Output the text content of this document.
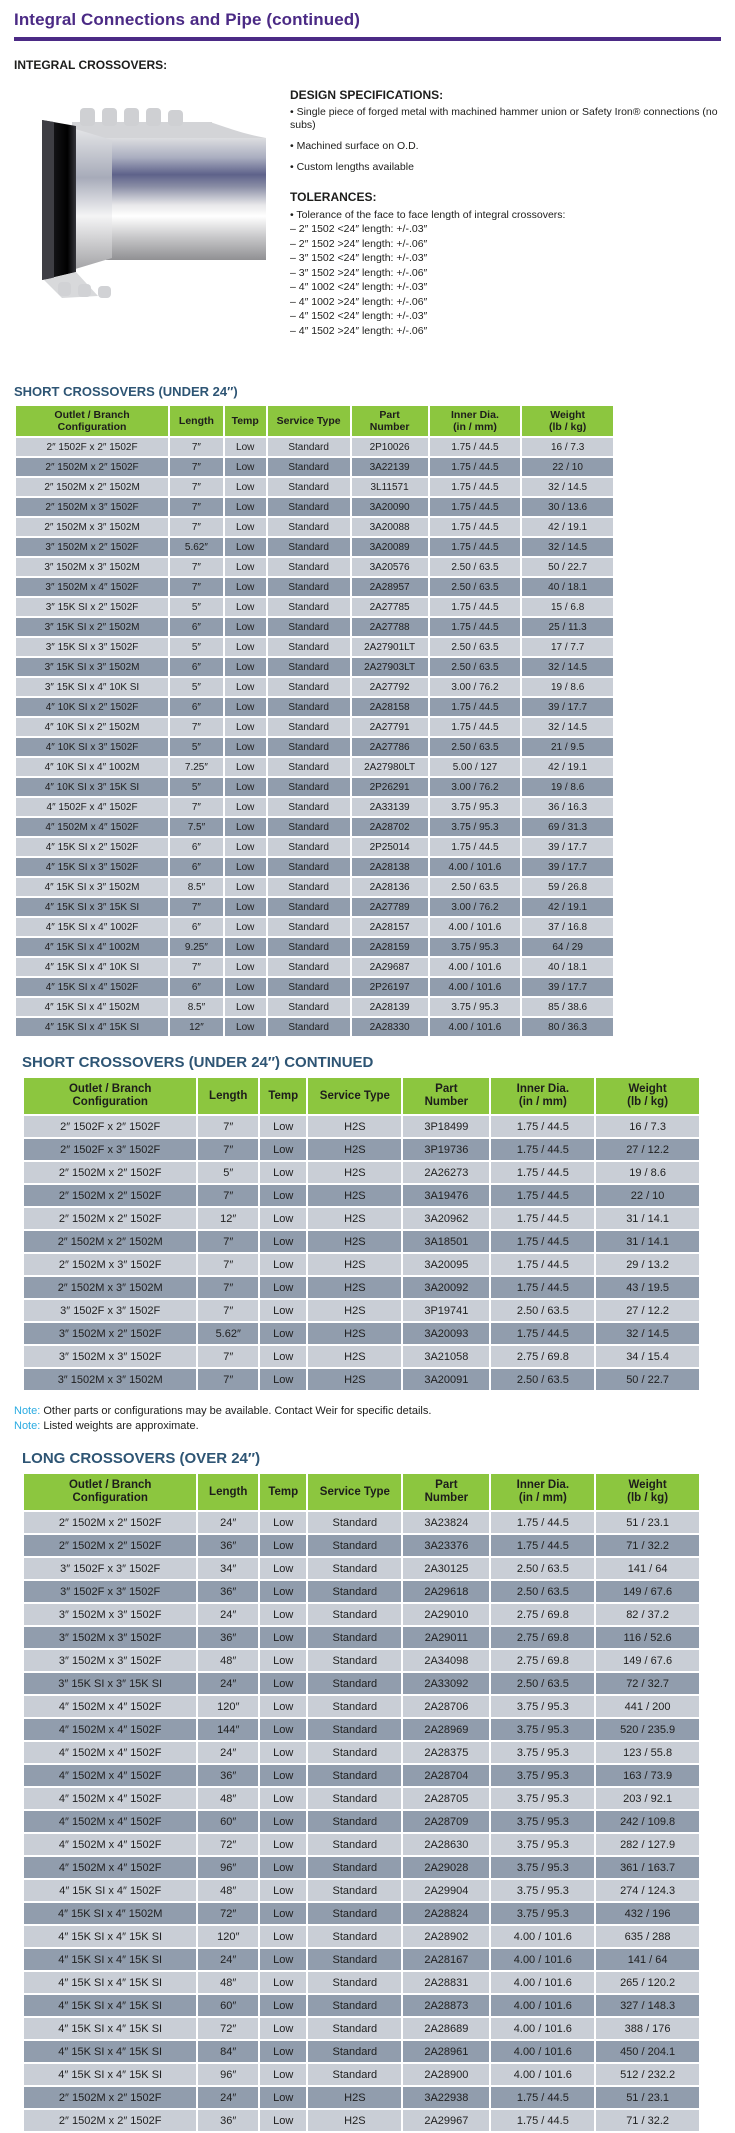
Integral Connections and Pipe (continued)
INTEGRAL CROSSOVERS:
DESIGN SPECIFICATIONS:
• Single piece of forged metal with machined hammer union or Safety Iron® connections (no subs)
• Machined surface on O.D.
• Custom lengths available
TOLERANCES:
• Tolerance of the face to face length of integral crossovers:
– 2″ 1502 <24″ length: +/-.03″
– 2″ 1502 >24″ length: +/-.06″
– 3″ 1502 <24″ length: +/-.03″
– 3″ 1502 >24″ length: +/-.06″
– 4″ 1002 <24″ length: +/-.03″
– 4″ 1002 >24″ length: +/-.06″
– 4″ 1502 <24″ length: +/-.03″
– 4″ 1502 >24″ length: +/-.06″
SHORT CROSSOVERS (UNDER 24″)
Outlet / Branch
Configuration	Length	Temp	Service Type	Part
Number	Inner Dia.
(in / mm)	Weight
(lb / kg)
2″ 1502F x 2″ 1502F	7″	Low	Standard	2P10026	1.75 / 44.5	16 / 7.3
2″ 1502M x 2″ 1502F	7″	Low	Standard	3A22139	1.75 / 44.5	22 / 10
2″ 1502M x 2″ 1502M	7″	Low	Standard	3L11571	1.75 / 44.5	32 / 14.5
2″ 1502M x 3″ 1502F	7″	Low	Standard	3A20090	1.75 / 44.5	30 / 13.6
2″ 1502M x 3″ 1502M	7″	Low	Standard	3A20088	1.75 / 44.5	42 / 19.1
3″ 1502M x 2″ 1502F	5.62″	Low	Standard	3A20089	1.75 / 44.5	32 / 14.5
3″ 1502M x 3″ 1502M	7″	Low	Standard	3A20576	2.50 / 63.5	50 / 22.7
3″ 1502M x 4″ 1502F	7″	Low	Standard	2A28957	2.50 / 63.5	40 / 18.1
3″ 15K SI x 2″ 1502F	5″	Low	Standard	2A27785	1.75 / 44.5	15 / 6.8
3″ 15K SI x 2″ 1502M	6″	Low	Standard	2A27788	1.75 / 44.5	25 / 11.3
3″ 15K SI x 3″ 1502F	5″	Low	Standard	2A27901LT	2.50 / 63.5	17 / 7.7
3″ 15K SI x 3″ 1502M	6″	Low	Standard	2A27903LT	2.50 / 63.5	32 / 14.5
3″ 15K SI x 4″ 10K SI	5″	Low	Standard	2A27792	3.00 / 76.2	19 / 8.6
4″ 10K SI x 2″ 1502F	6″	Low	Standard	2A28158	1.75 / 44.5	39 / 17.7
4″ 10K SI x 2″ 1502M	7″	Low	Standard	2A27791	1.75 / 44.5	32 / 14.5
4″ 10K SI x 3″ 1502F	5″	Low	Standard	2A27786	2.50 / 63.5	21 / 9.5
4″ 10K SI x 4″ 1002M	7.25″	Low	Standard	2A27980LT	5.00 / 127	42 / 19.1
4″ 10K SI x 3″ 15K SI	5″	Low	Standard	2P26291	3.00 / 76.2	19 / 8.6
4″ 1502F x 4″ 1502F	7″	Low	Standard	2A33139	3.75 / 95.3	36 / 16.3
4″ 1502M x 4″ 1502F	7.5″	Low	Standard	2A28702	3.75 / 95.3	69 / 31.3
4″ 15K SI x 2″ 1502F	6″	Low	Standard	2P25014	1.75 / 44.5	39 / 17.7
4″ 15K SI x 3″ 1502F	6″	Low	Standard	2A28138	4.00 / 101.6	39 / 17.7
4″ 15K SI x 3″ 1502M	8.5″	Low	Standard	2A28136	2.50 / 63.5	59 / 26.8
4″ 15K SI x 3″ 15K SI	7″	Low	Standard	2A27789	3.00 / 76.2	42 / 19.1
4″ 15K SI x 4″ 1002F	6″	Low	Standard	2A28157	4.00 / 101.6	37 / 16.8
4″ 15K SI x 4″ 1002M	9.25″	Low	Standard	2A28159	3.75 / 95.3	64 / 29
4″ 15K SI x 4″ 10K SI	7″	Low	Standard	2A29687	4.00 / 101.6	40 / 18.1
4″ 15K SI x 4″ 1502F	6″	Low	Standard	2P26197	4.00 / 101.6	39 / 17.7
4″ 15K SI x 4″ 1502M	8.5″	Low	Standard	2A28139	3.75 / 95.3	85 / 38.6
4″ 15K SI x 4″ 15K SI	12″	Low	Standard	2A28330	4.00 / 101.6	80 / 36.3
SHORT CROSSOVERS (UNDER 24″) CONTINUED
Outlet / Branch
Configuration	Length	Temp	Service Type	Part
Number	Inner Dia.
(in / mm)	Weight
(lb / kg)
2″ 1502F x 2″ 1502F	7″	Low	H2S	3P18499	1.75 / 44.5	16 / 7.3
2″ 1502F x 3″ 1502F	7″	Low	H2S	3P19736	1.75 / 44.5	27 / 12.2
2″ 1502M x 2″ 1502F	5″	Low	H2S	2A26273	1.75 / 44.5	19 / 8.6
2″ 1502M x 2″ 1502F	7″	Low	H2S	3A19476	1.75 / 44.5	22 / 10
2″ 1502M x 2″ 1502F	12″	Low	H2S	3A20962	1.75 / 44.5	31 / 14.1
2″ 1502M x 2″ 1502M	7″	Low	H2S	3A18501	1.75 / 44.5	31 / 14.1
2″ 1502M x 3″ 1502F	7″	Low	H2S	3A20095	1.75 / 44.5	29 / 13.2
2″ 1502M x 3″ 1502M	7″	Low	H2S	3A20092	1.75 / 44.5	43 / 19.5
3″ 1502F x 3″ 1502F	7″	Low	H2S	3P19741	2.50 / 63.5	27 / 12.2
3″ 1502M x 2″ 1502F	5.62″	Low	H2S	3A20093	1.75 / 44.5	32 / 14.5
3″ 1502M x 3″ 1502F	7″	Low	H2S	3A21058	2.75 / 69.8	34 / 15.4
3″ 1502M x 3″ 1502M	7″	Low	H2S	3A20091	2.50 / 63.5	50 / 22.7
Note: Other parts or configurations may be available. Contact Weir for specific details.
Note: Listed weights are approximate.
LONG CROSSOVERS (OVER 24″)
Outlet / Branch
Configuration	Length	Temp	Service Type	Part
Number	Inner Dia.
(in / mm)	Weight
(lb / kg)
2″ 1502M x 2″ 1502F	24″	Low	Standard	3A23824	1.75 / 44.5	51 / 23.1
2″ 1502M x 2″ 1502F	36″	Low	Standard	3A23376	1.75 / 44.5	71 / 32.2
3″ 1502F x 3″ 1502F	34″	Low	Standard	2A30125	2.50 / 63.5	141 / 64
3″ 1502F x 3″ 1502F	36″	Low	Standard	2A29618	2.50 / 63.5	149 / 67.6
3″ 1502M x 3″ 1502F	24″	Low	Standard	2A29010	2.75 / 69.8	82 / 37.2
3″ 1502M x 3″ 1502F	36″	Low	Standard	2A29011	2.75 / 69.8	116 / 52.6
3″ 1502M x 3″ 1502F	48″	Low	Standard	2A34098	2.75 / 69.8	149 / 67.6
3″ 15K SI x 3″ 15K SI	24″	Low	Standard	2A33092	2.50 / 63.5	72 / 32.7
4″ 1502M x 4″ 1502F	120″	Low	Standard	2A28706	3.75 / 95.3	441 / 200
4″ 1502M x 4″ 1502F	144″	Low	Standard	2A28969	3.75 / 95.3	520 / 235.9
4″ 1502M x 4″ 1502F	24″	Low	Standard	2A28375	3.75 / 95.3	123 / 55.8
4″ 1502M x 4″ 1502F	36″	Low	Standard	2A28704	3.75 / 95.3	163 / 73.9
4″ 1502M x 4″ 1502F	48″	Low	Standard	2A28705	3.75 / 95.3	203 / 92.1
4″ 1502M x 4″ 1502F	60″	Low	Standard	2A28709	3.75 / 95.3	242 / 109.8
4″ 1502M x 4″ 1502F	72″	Low	Standard	2A28630	3.75 / 95.3	282 / 127.9
4″ 1502M x 4″ 1502F	96″	Low	Standard	2A29028	3.75 / 95.3	361 / 163.7
4″ 15K SI x 4″ 1502F	48″	Low	Standard	2A29904	3.75 / 95.3	274 / 124.3
4″ 15K SI x 4″ 1502M	72″	Low	Standard	2A28824	3.75 / 95.3	432 / 196
4″ 15K SI x 4″ 15K SI	120″	Low	Standard	2A28902	4.00 / 101.6	635 / 288
4″ 15K SI x 4″ 15K SI	24″	Low	Standard	2A28167	4.00 / 101.6	141 / 64
4″ 15K SI x 4″ 15K SI	48″	Low	Standard	2A28831	4.00 / 101.6	265 / 120.2
4″ 15K SI x 4″ 15K SI	60″	Low	Standard	2A28873	4.00 / 101.6	327 / 148.3
4″ 15K SI x 4″ 15K SI	72″	Low	Standard	2A28689	4.00 / 101.6	388 / 176
4″ 15K SI x 4″ 15K SI	84″	Low	Standard	2A28961	4.00 / 101.6	450 / 204.1
4″ 15K SI x 4″ 15K SI	96″	Low	Standard	2A28900	4.00 / 101.6	512 / 232.2
2″ 1502M x 2″ 1502F	24″	Low	H2S	3A22938	1.75 / 44.5	51 / 23.1
2″ 1502M x 2″ 1502F	36″	Low	H2S	2A29967	1.75 / 44.5	71 / 32.2
